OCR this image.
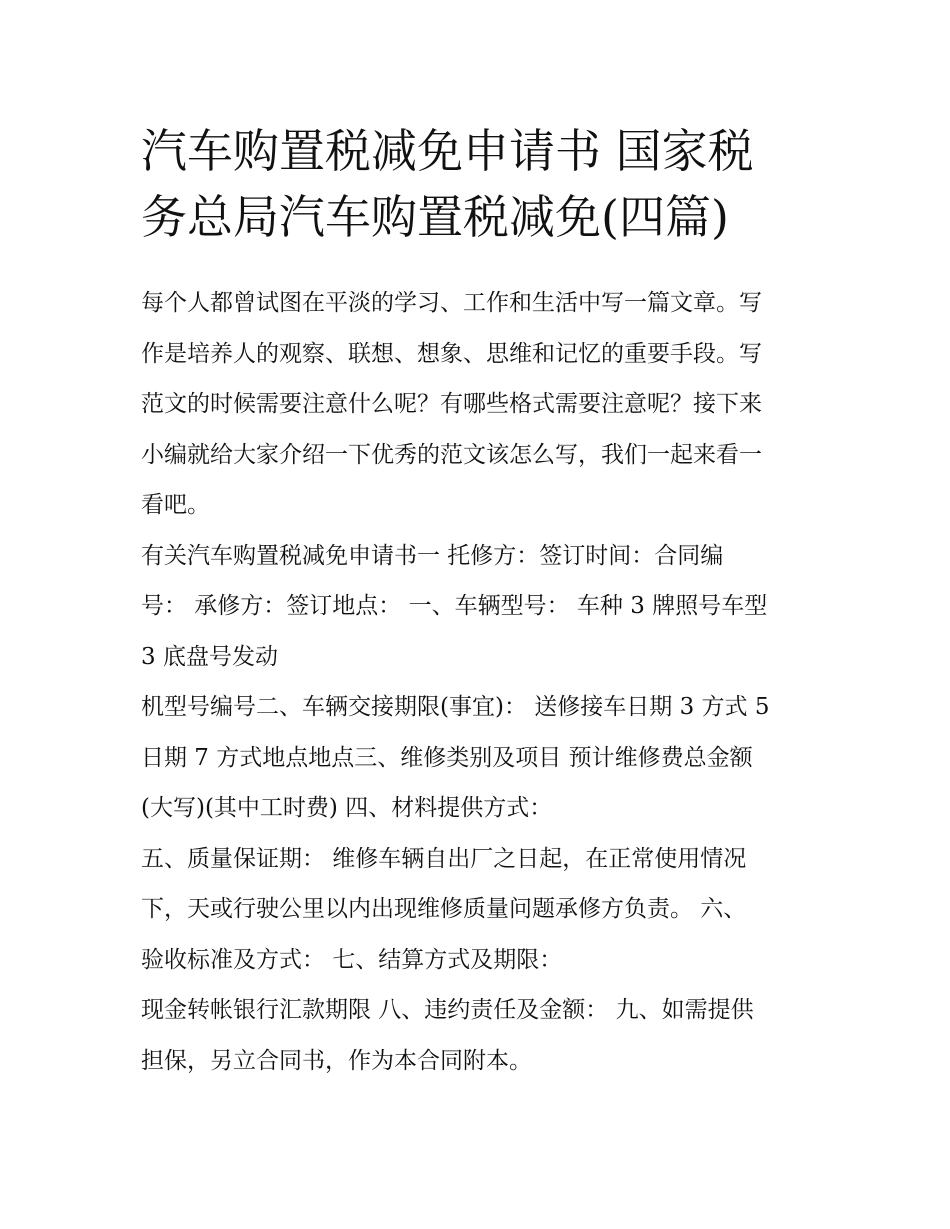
汽车购置税减免申请书 国家税
务总局汽车购置税减免(四篇)
每个人都曾试图在平淡的学习、工作和生活中写一篇文章。写
作是培养人的观察、联想、想象、思维和记忆的重要手段。写
范文的时候需要注意什么呢？有哪些格式需要注意呢？接下来
小编就给大家介绍一下优秀的范文该怎么写，我们一起来看一
看吧。
有关汽车购置税减免申请书一 托修方：签订时间：合同编
号： 承修方：签订地点： 一、车辆型号： 车种 3 牌照号车型
3 底盘号发动
机型号编号二、车辆交接期限(事宜)： 送修接车日期 3 方式 5
日期 7 方式地点地点三、维修类别及项目 预计维修费总金额
(大写)(其中工时费) 四、材料提供方式：
五、质量保证期： 维修车辆自出厂之日起，在正常使用情况
下，天或行驶公里以内出现维修质量问题承修方负责。 六、
验收标准及方式： 七、结算方式及期限：
现金转帐银行汇款期限 八、违约责任及金额： 九、如需提供
担保，另立合同书，作为本合同附本。
